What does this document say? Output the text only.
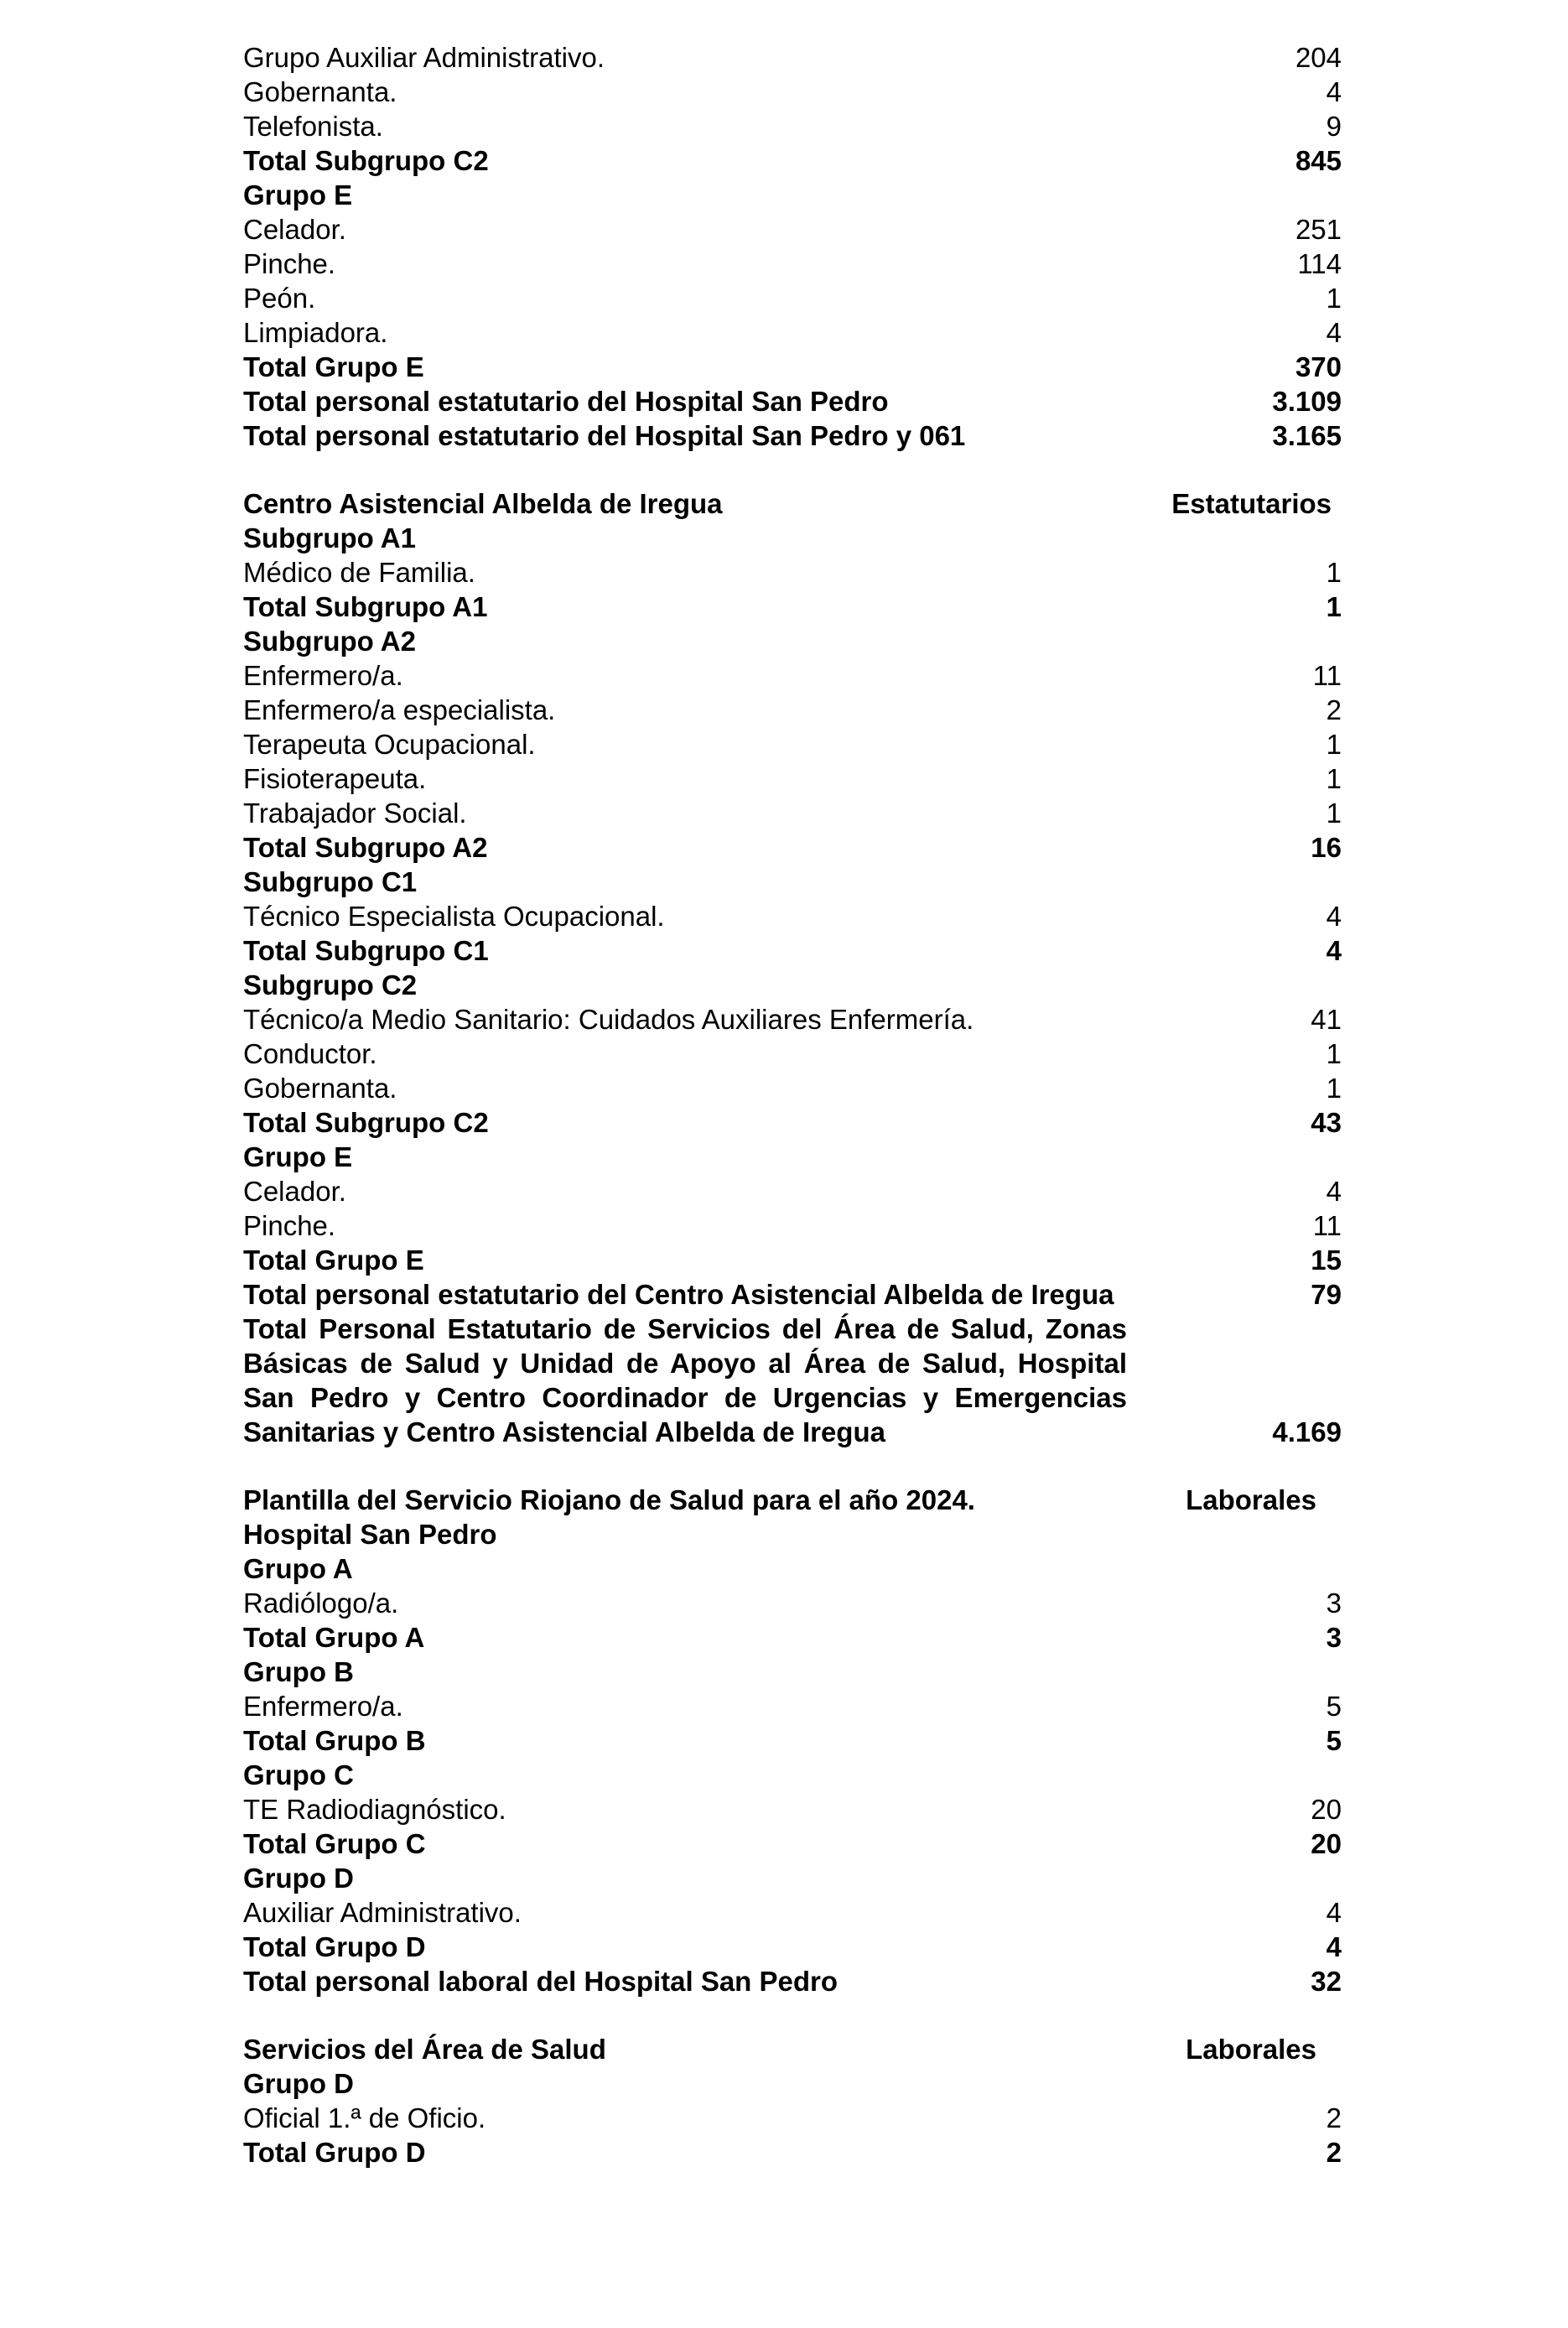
Grupo Auxiliar Administrativo.	204
Gobernanta.	4
Telefonista.	9
Total Subgrupo C2	845
Grupo E
Celador.	251
Pinche.	114
Peón.	1
Limpiadora.	4
Total Grupo E	370
Total personal estatutario del Hospital San Pedro	3.109
Total personal estatutario del Hospital San Pedro y 061	3.165
Centro Asistencial Albelda de Iregua	Estatutarios
Subgrupo A1
Médico de Familia.	1
Total Subgrupo A1	1
Subgrupo A2
Enfermero/a.	11
Enfermero/a especialista.	2
Terapeuta Ocupacional.	1
Fisioterapeuta.	1
Trabajador Social.	1
Total Subgrupo A2	16
Subgrupo C1
Técnico Especialista Ocupacional.	4
Total Subgrupo C1	4
Subgrupo C2
Técnico/a Medio Sanitario: Cuidados Auxiliares Enfermería.	41
Conductor.	1
Gobernanta.	1
Total Subgrupo C2	43
Grupo E
Celador.	4
Pinche.	11
Total Grupo E	15
Total personal estatutario del Centro Asistencial Albelda de Iregua	79
Total Personal Estatutario de Servicios del Área de Salud, Zonas Básicas de Salud y Unidad de Apoyo al Área de Salud, Hospital San Pedro y Centro Coordinador de Urgencias y Emergencias Sanitarias y Centro Asistencial Albelda de Iregua	4.169
Plantilla del Servicio Riojano de Salud para el año 2024.	Laborales
Hospital San Pedro
Grupo A
Radiólogo/a.	3
Total Grupo A	3
Grupo B
Enfermero/a.	5
Total Grupo B	5
Grupo C
TE Radiodiagnóstico.	20
Total Grupo C	20
Grupo D
Auxiliar Administrativo.	4
Total Grupo D	4
Total personal laboral del Hospital San Pedro	32
Servicios del Área de Salud	Laborales
Grupo D
Oficial 1.ª de Oficio.	2
Total Grupo D	2
